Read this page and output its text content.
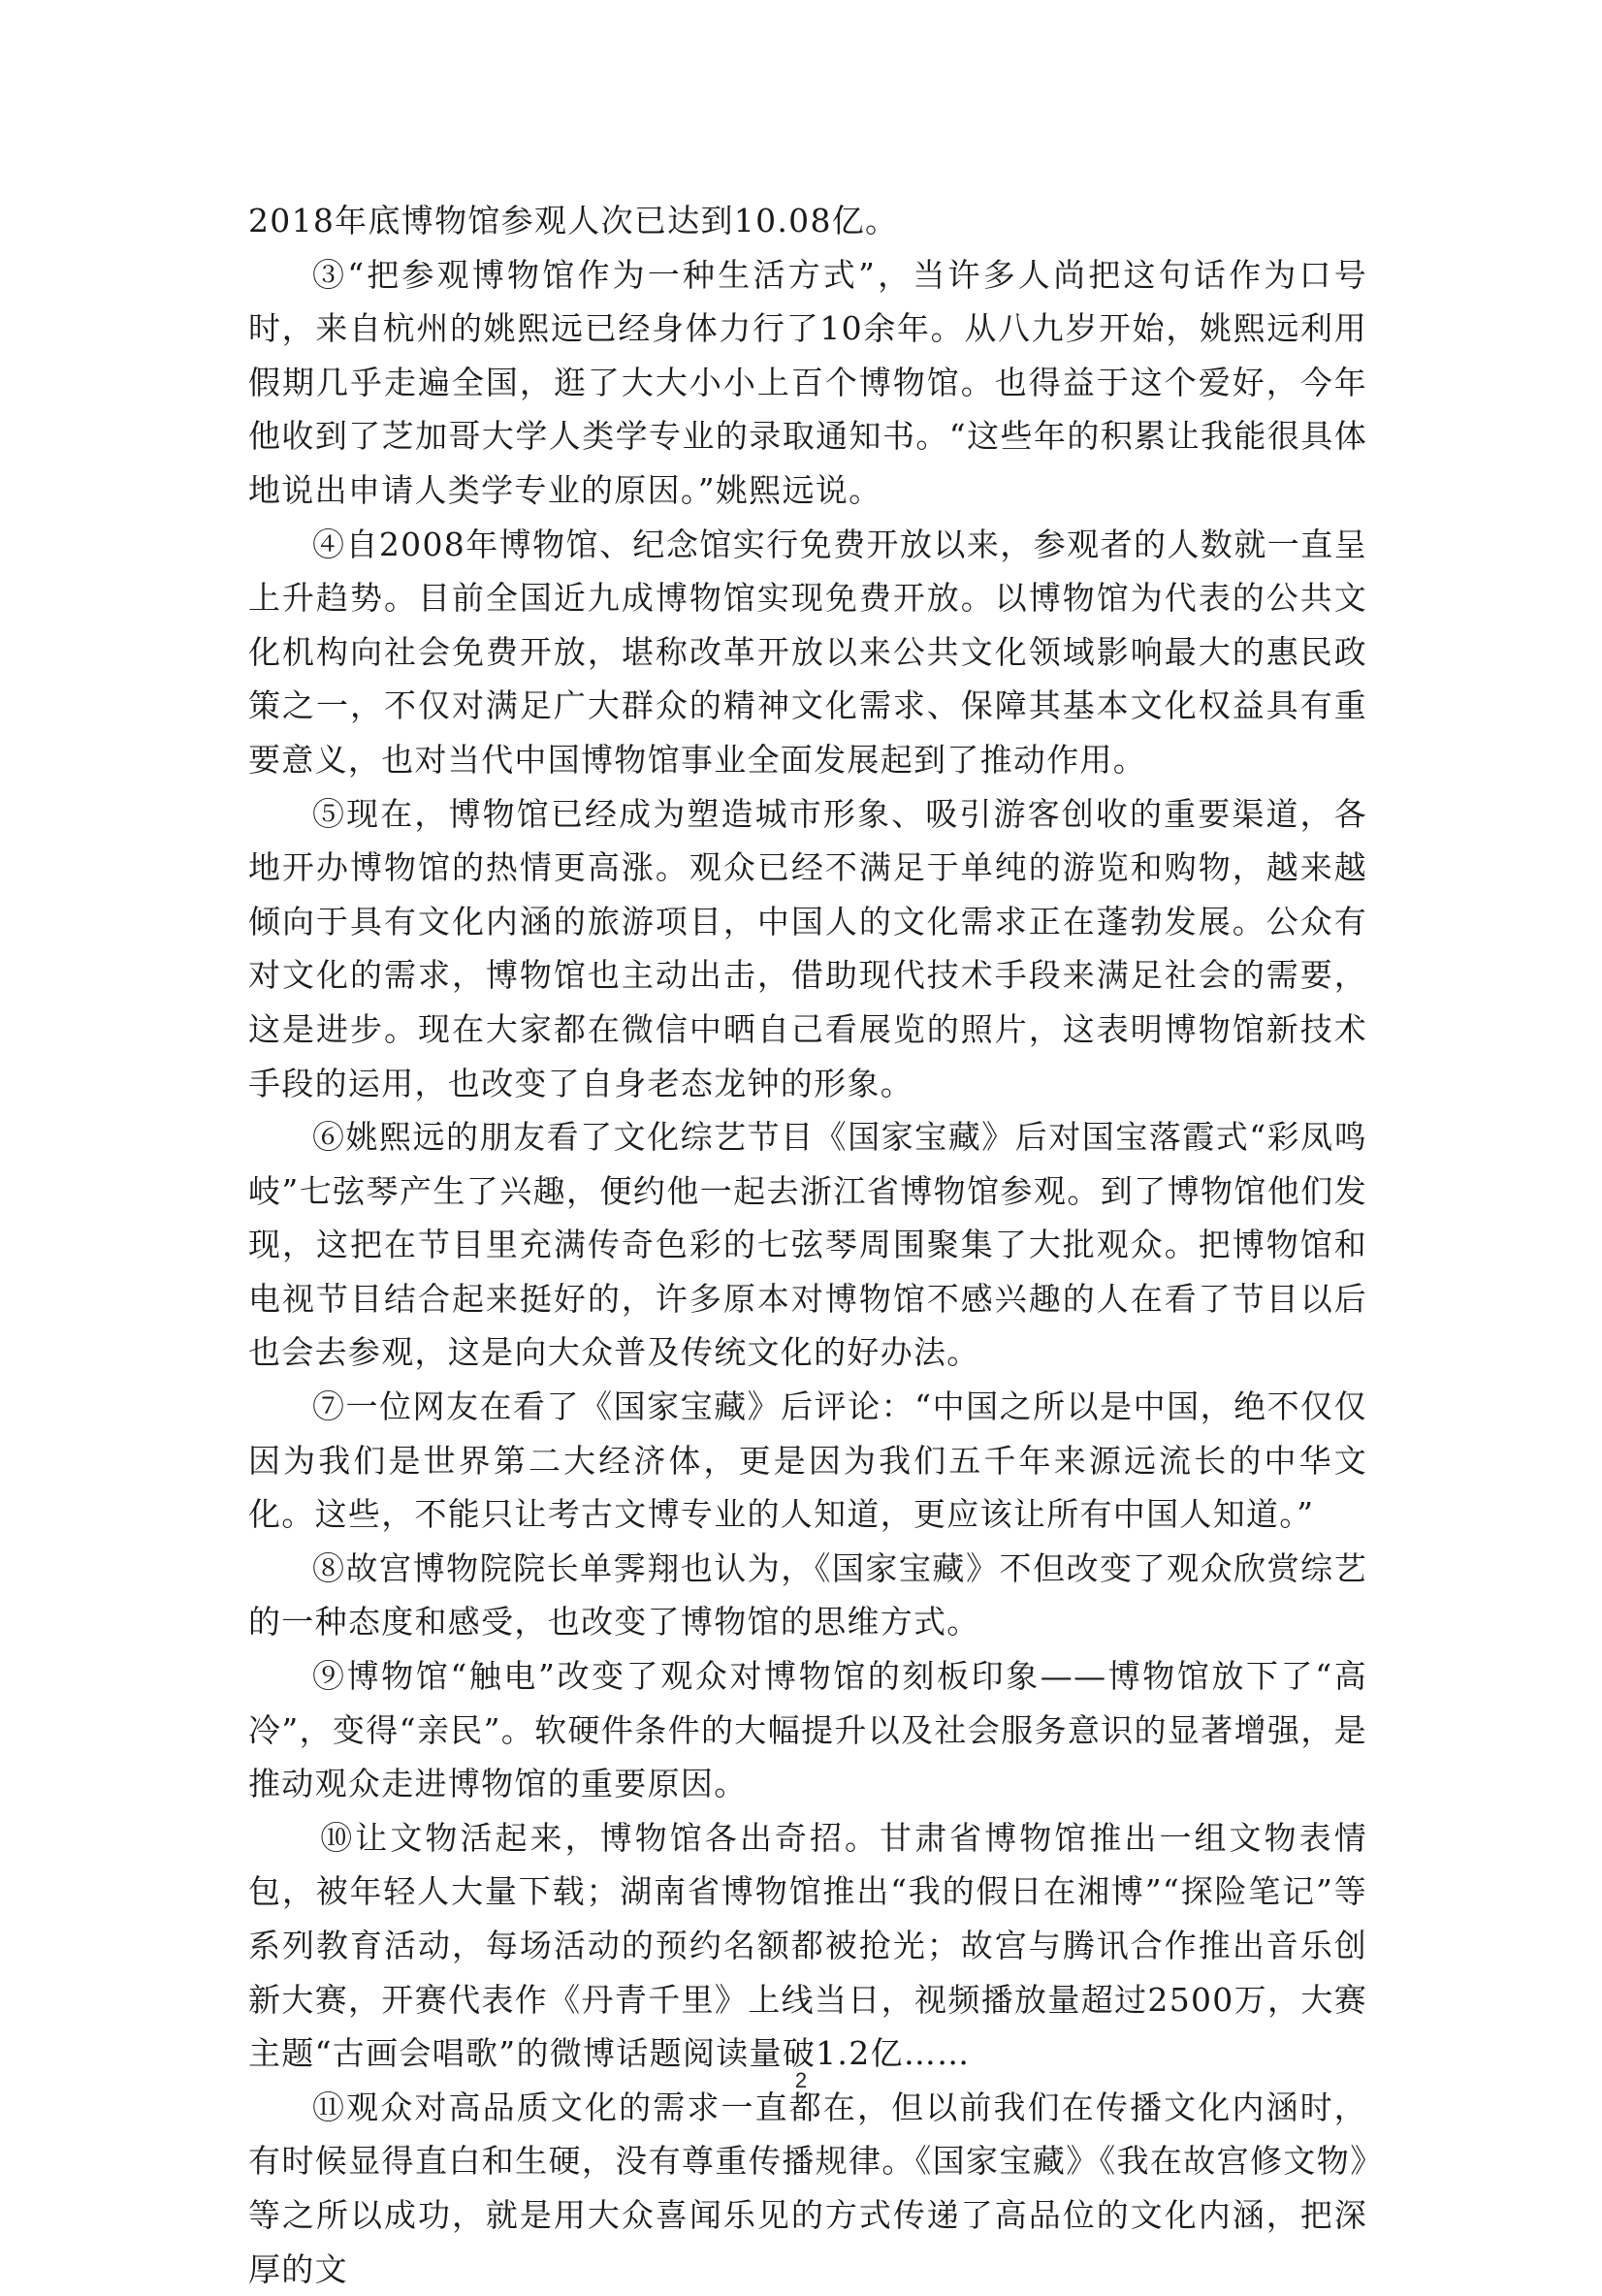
2018年底博物馆参观人次已达到10.08亿。

③“把参观博物馆作为一种生活方式”，当许多人尚把这句话作为口号时，来自杭州的姚熙远已经身体力行了10余年。从八九岁开始，姚熙远利用假期几乎走遍全国，逛了大大小小上百个博物馆。也得益于这个爱好，今年他收到了芝加哥大学人类学专业的录取通知书。“这些年的积累让我能很具体地说出申请人类学专业的原因。”姚熙远说。

④自2008年博物馆、纪念馆实行免费开放以来，参观者的人数就一直呈上升趋势。目前全国近九成博物馆实现免费开放。以博物馆为代表的公共文化机构向社会免费开放，堪称改革开放以来公共文化领域影响最大的惠民政策之一，不仅对满足广大群众的精神文化需求、保障其基本文化权益具有重要意义，也对当代中国博物馆事业全面发展起到了推动作用。

⑤现在，博物馆已经成为塑造城市形象、吸引游客创收的重要渠道，各地开办博物馆的热情更高涨。观众已经不满足于单纯的游览和购物，越来越倾向于具有文化内涵的旅游项目，中国人的文化需求正在蓬勃发展。公众有对文化的需求，博物馆也主动出击，借助现代技术手段来满足社会的需要，这是进步。现在大家都在微信中晒自己看展览的照片，这表明博物馆新技术手段的运用，也改变了自身老态龙钟的形象。

⑥姚熙远的朋友看了文化综艺节目《国家宝藏》后对国宝落霞式“彩凤鸣岐”七弦琴产生了兴趣，便约他一起去浙江省博物馆参观。到了博物馆他们发现，这把在节目里充满传奇色彩的七弦琴周围聚集了大批观众。把博物馆和电视节目结合起来挺好的，许多原本对博物馆不感兴趣的人在看了节目以后也会去参观，这是向大众普及传统文化的好办法。

⑦一位网友在看了《国家宝藏》后评论：“中国之所以是中国，绝不仅仅因为我们是世界第二大经济体，更是因为我们五千年来源远流长的中华文化。这些，不能只让考古文博专业的人知道，更应该让所有中国人知道。”

⑧故宫博物院院长单霁翔也认为，《国家宝藏》不但改变了观众欣赏综艺的一种态度和感受，也改变了博物馆的思维方式。

⑨博物馆“触电”改变了观众对博物馆的刻板印象——博物馆放下了“高冷”，变得“亲民”。软硬件条件的大幅提升以及社会服务意识的显著增强，是推动观众走进博物馆的重要原因。

⑩让文物活起来，博物馆各出奇招。甘肃省博物馆推出一组文物表情包，被年轻人大量下载；湖南省博物馆推出“我的假日在湘博”“探险笔记”等系列教育活动，每场活动的预约名额都被抢光；故宫与腾讯合作推出音乐创新大赛，开赛代表作《丹青千里》上线当日，视频播放量超过2500万，大赛主题“古画会唱歌”的微博话题阅读量破1.2亿……

⑪观众对高品质文化的需求一直都在，但以前我们在传播文化内涵时，有时候显得直白和生硬，没有尊重传播规律。《国家宝藏》《我在故宫修文物》等之所以成功，就是用大众喜闻乐见的方式传递了高品位的文化内涵，把深厚的文

2
